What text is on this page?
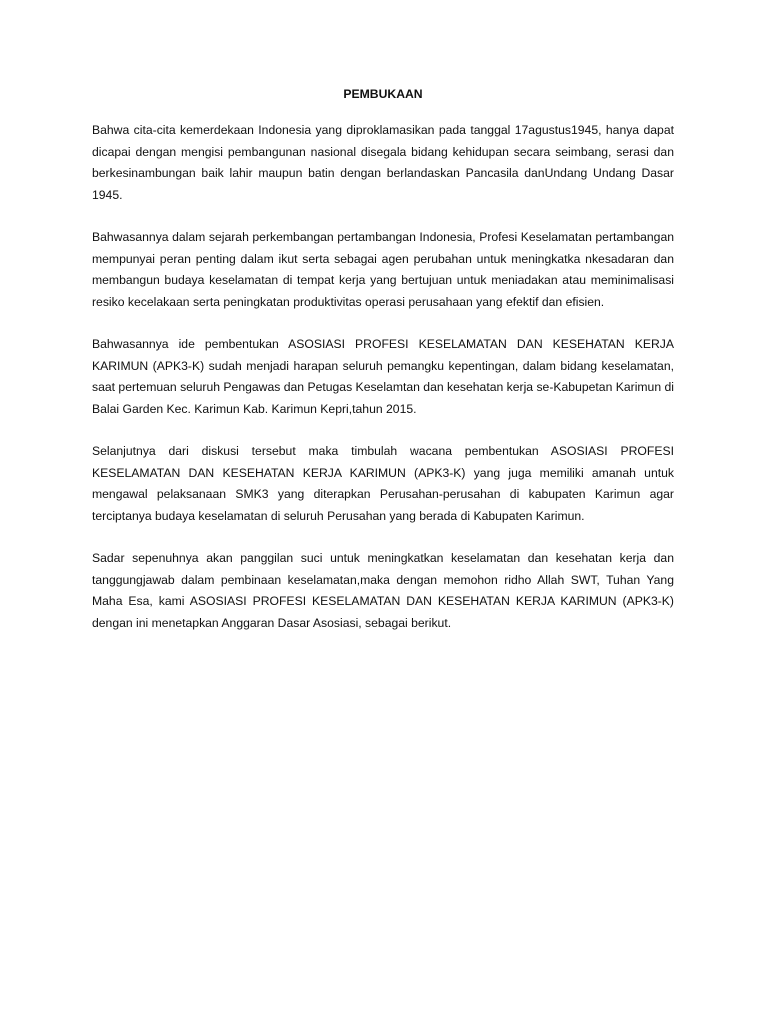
PEMBUKAAN

Bahwa cita-cita kemerdekaan Indonesia yang diproklamasikan pada tanggal 17agustus1945, hanya dapat dicapai dengan mengisi pembangunan nasional disegala bidang kehidupan secara seimbang, serasi dan berkesinambungan baik lahir maupun batin dengan berlandaskan Pancasila danUndang Undang Dasar 1945.

Bahwasannya dalam sejarah perkembangan pertambangan Indonesia, Profesi Keselamatan pertambangan mempunyai peran penting dalam ikut serta sebagai agen perubahan untuk meningkatka nkesadaran dan membangun budaya keselamatan di tempat kerja yang bertujuan untuk meniadakan atau meminimalisasi resiko kecelakaan serta peningkatan produktivitas operasi perusahaan yang efektif dan efisien.

Bahwasannya ide pembentukan ASOSIASI PROFESI KESELAMATAN DAN KESEHATAN KERJA KARIMUN (APK3-K) sudah menjadi harapan seluruh pemangku kepentingan, dalam bidang keselamatan, saat pertemuan seluruh Pengawas dan Petugas Keselamtan dan kesehatan kerja se-Kabupetan Karimun di Balai Garden Kec. Karimun Kab. Karimun Kepri,tahun 2015.

Selanjutnya dari diskusi tersebut maka timbulah wacana pembentukan ASOSIASI PROFESI KESELAMATAN DAN KESEHATAN KERJA KARIMUN (APK3-K) yang juga memiliki amanah untuk mengawal pelaksanaan SMK3 yang diterapkan Perusahan-perusahan di kabupaten Karimun agar terciptanya budaya keselamatan di seluruh Perusahan yang berada di Kabupaten Karimun.

Sadar sepenuhnya akan panggilan suci untuk meningkatkan keselamatan dan kesehatan kerja dan tanggungjawab dalam pembinaan keselamatan,maka dengan memohon ridho Allah SWT, Tuhan Yang Maha Esa, kami ASOSIASI PROFESI KESELAMATAN DAN KESEHATAN KERJA KARIMUN (APK3-K) dengan ini menetapkan Anggaran Dasar Asosiasi, sebagai berikut.
